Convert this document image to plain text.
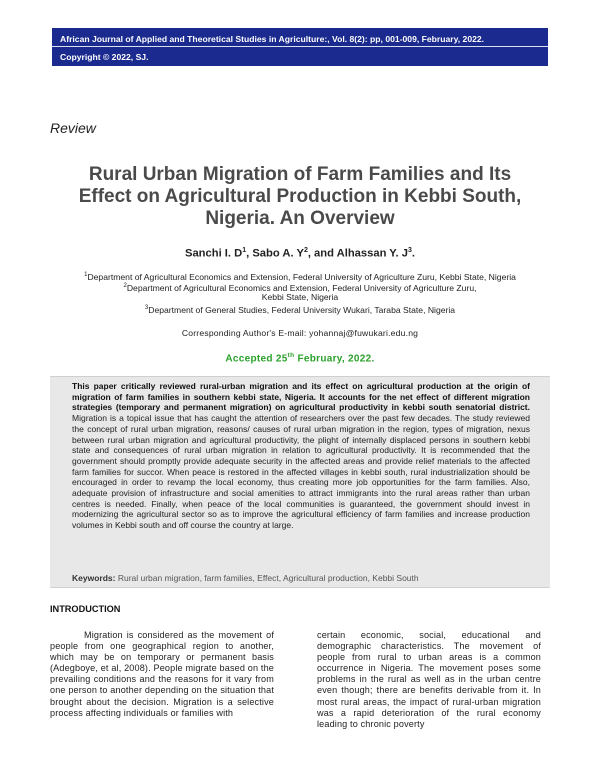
African Journal of Applied and Theoretical Studies in Agriculture:, Vol. 8(2): pp, 001-009, February, 2022.
Copyright © 2022, SJ.
Review
Rural Urban Migration of Farm Families and Its Effect on Agricultural Production in Kebbi South, Nigeria. An Overview
Sanchi I. $D^1$, Sabo A. $Y^2$, and Alhassan Y. $J^3$.
$^1$Department of Agricultural Economics and Extension, Federal University of Agriculture Zuru, Kebbi State, Nigeria
$^2$Department of Agricultural Economics and Extension, Federal University of Agriculture Zuru,
Kebbi State, Nigeria
$^3$Department of General Studies, Federal University Wukari, Taraba State, Nigeria
Corresponding Author's E-mail: yohannaj@fuwukari.edu.ng
Accepted 25th February, 2022.

This paper critically reviewed rural-urban migration and its effect on agricultural production at the origin of migration of farm families in southern kebbi state, Nigeria. It accounts for the net effect of different migration strategies (temporary and permanent migration) on agricultural productivity in kebbi south senatorial district. Migration is a topical issue that has caught the attention of researchers over the past few decades. The study reviewed the concept of rural urban migration, reasons/ causes of rural urban migration in the region, types of migration, nexus between rural urban migration and agricultural productivity, the plight of internally displaced persons in southern kebbi state and consequences of rural urban migration in relation to agricultural productivity. It is recommended that the government should promptly provide adequate security in the affected areas and provide relief materials to the affected farm families for succor. When peace is restored in the affected villages in kebbi south, rural industrialization should be encouraged in order to revamp the local economy, thus creating more job opportunities for the farm families. Also, adequate provision of infrastructure and social amenities to attract immigrants into the rural areas rather than urban centres is needed. Finally, when peace of the local communities is guaranteed, the government should invest in modernizing the agricultural sector so as to improve the agricultural efficiency of farm families and increase production volumes in Kebbi south and off course the country at large.

Keywords: Rural urban migration, farm families, Effect, Agricultural production, Kebbi South
INTRODUCTION

Migration is considered as the movement of people from one geographical region to another, which may be on temporary or permanent basis (Adegboye, et al, 2008). People migrate based on the prevailing conditions and the reasons for it vary from one person to another depending on the situation that brought about the decision. Migration is a selective process affecting individuals or families with

certain economic, social, educational and demographic characteristics. The movement of people from rural to urban areas is a common occurrence in Nigeria. The movement poses some problems in the rural as well as in the urban centre even though; there are benefits derivable from it. In most rural areas, the impact of rural-urban migration was a rapid deterioration of the rural economy leading to chronic poverty
